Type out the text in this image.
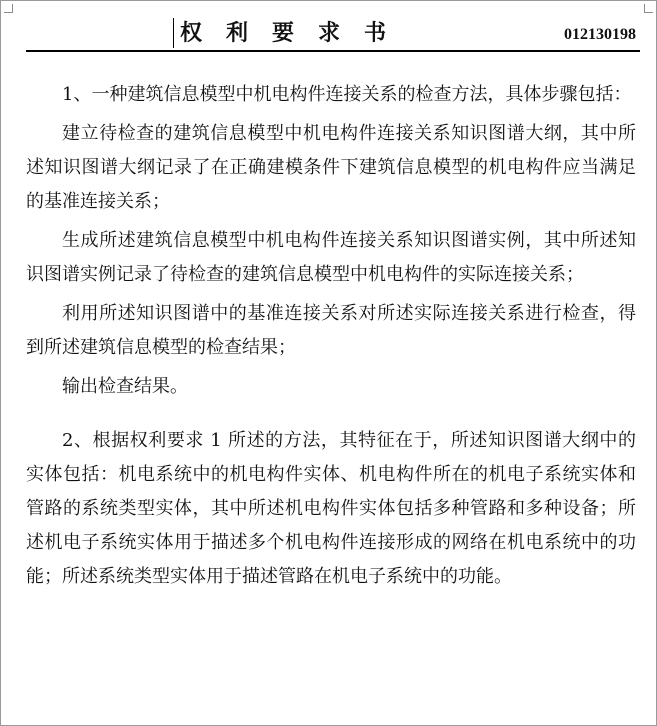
权利要求书	012130198

1、一种建筑信息模型中机电构件连接关系的检查方法，具体步骤包括：

建立待检查的建筑信息模型中机电构件连接关系知识图谱大纲，其中所述知识图谱大纲记录了在正确建模条件下建筑信息模型的机电构件应当满足的基准连接关系；

生成所述建筑信息模型中机电构件连接关系知识图谱实例，其中所述知识图谱实例记录了待检查的建筑信息模型中机电构件的实际连接关系；

利用所述知识图谱中的基准连接关系对所述实际连接关系进行检查，得到所述建筑信息模型的检查结果；

输出检查结果。

2、根据权利要求 1 所述的方法，其特征在于，所述知识图谱大纲中的实体包括：机电系统中的机电构件实体、机电构件所在的机电子系统实体和管路的系统类型实体，其中所述机电构件实体包括多种管路和多种设备；所述机电子系统实体用于描述多个机电构件连接形成的网络在机电系统中的功能；所述系统类型实体用于描述管路在机电子系统中的功能。
